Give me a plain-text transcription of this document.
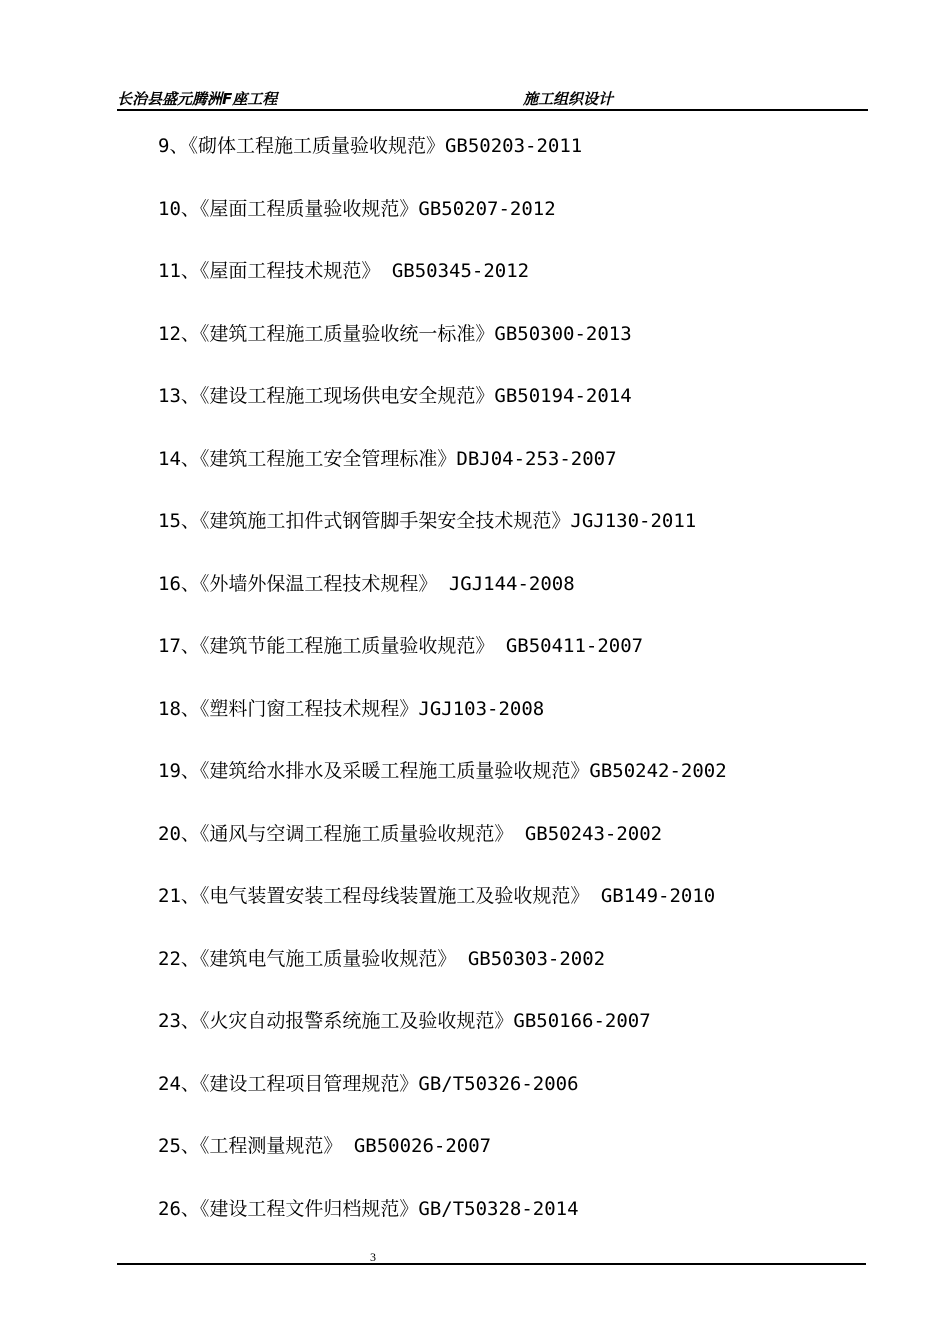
长治县盛元腾洲F座工程	施工组织设计
9、《砌体工程施工质量验收规范》GB50203-2011
10、《屋面工程质量验收规范》GB50207-2012
11、《屋面工程技术规范》 GB50345-2012
12、《建筑工程施工质量验收统一标准》GB50300-2013
13、《建设工程施工现场供电安全规范》GB50194-2014
14、《建筑工程施工安全管理标准》DBJ04-253-2007
15、《建筑施工扣件式钢管脚手架安全技术规范》JGJ130-2011
16、《外墙外保温工程技术规程》 JGJ144-2008
17、《建筑节能工程施工质量验收规范》 GB50411-2007
18、《塑料门窗工程技术规程》JGJ103-2008
19、《建筑给水排水及采暖工程施工质量验收规范》GB50242-2002
20、《通风与空调工程施工质量验收规范》 GB50243-2002
21、《电气装置安装工程母线装置施工及验收规范》 GB149-2010
22、《建筑电气施工质量验收规范》 GB50303-2002
23、《火灾自动报警系统施工及验收规范》GB50166-2007
24、《建设工程项目管理规范》GB/T50326-2006
25、《工程测量规范》 GB50026-2007
26、《建设工程文件归档规范》GB/T50328-2014
3
